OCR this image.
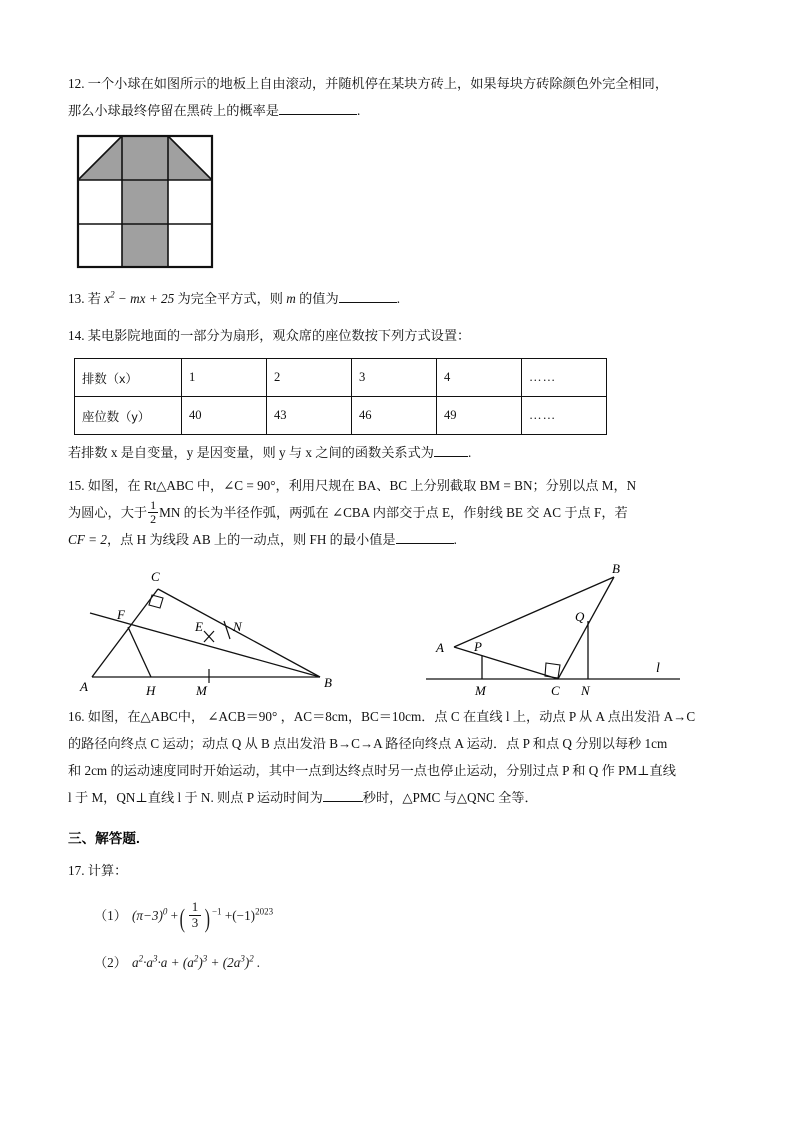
12. 一个小球在如图所示的地板上自由滚动，并随机停在某块方砖上，如果每块方砖除颜色外完全相同，
那么小球最终停留在黑砖上的概率是	.
13. 若 $x^2$ − mx + 25 为完全平方式，则 m 的值为	.
14. 某电影院地面的一部分为扇形，观众席的座位数按下列方式设置：
排数（x）	1	2	3	4	……
座位数（y）	40	43	46	49	……
若排数 x 是自变量，y 是因变量，则 y 与 x 之间的函数关系式为	.
15. 如图，在 Rt△ABC 中，∠C = 90°，利用尺规在 BA、BC 上分别截取 BM = BN；分别以点 M，N
为圆心，大于 $\frac{1}{2}$ MN 的长为半径作弧，两弧在 ∠CBA 内部交于点 E，作射线 BE 交 AC 于点 F，若
CF = 2，点 H 为线段 AB 上的一动点，则 FH 的最小值是	.
C
F
E N
A	H	M
B
B
Q
A P
M	C N
l
16. 如图，在△ABC中， ∠ACB＝90° ，AC＝8cm，BC＝10cm．点 C 在直线 l 上，动点 P 从 A 点出发沿 A→C
的路径向终点 C 运动；动点 Q 从 B 点出发沿 B→C→A 路径向终点 A 运动．点 P 和点 Q 分别以每秒 1cm
和 2cm 的运动速度同时开始运动，其中一点到达终点时另一点也停止运动，分别过点 P 和 Q 作 PM⊥直线
l 于 M，QN⊥直线 l 于 N. 则点 P 运动时间为	秒时，△PMC 与△QNC 全等．
三、解答题.
17. 计算：
（1） $(\pi-3)^0$ +( $\frac{1}{3}$ ) $^{-1} +(-1)^{2023}$
（2） $a^2\cdot a^3\cdot a + (a^2)^3 + (2a^3)^2$ .
